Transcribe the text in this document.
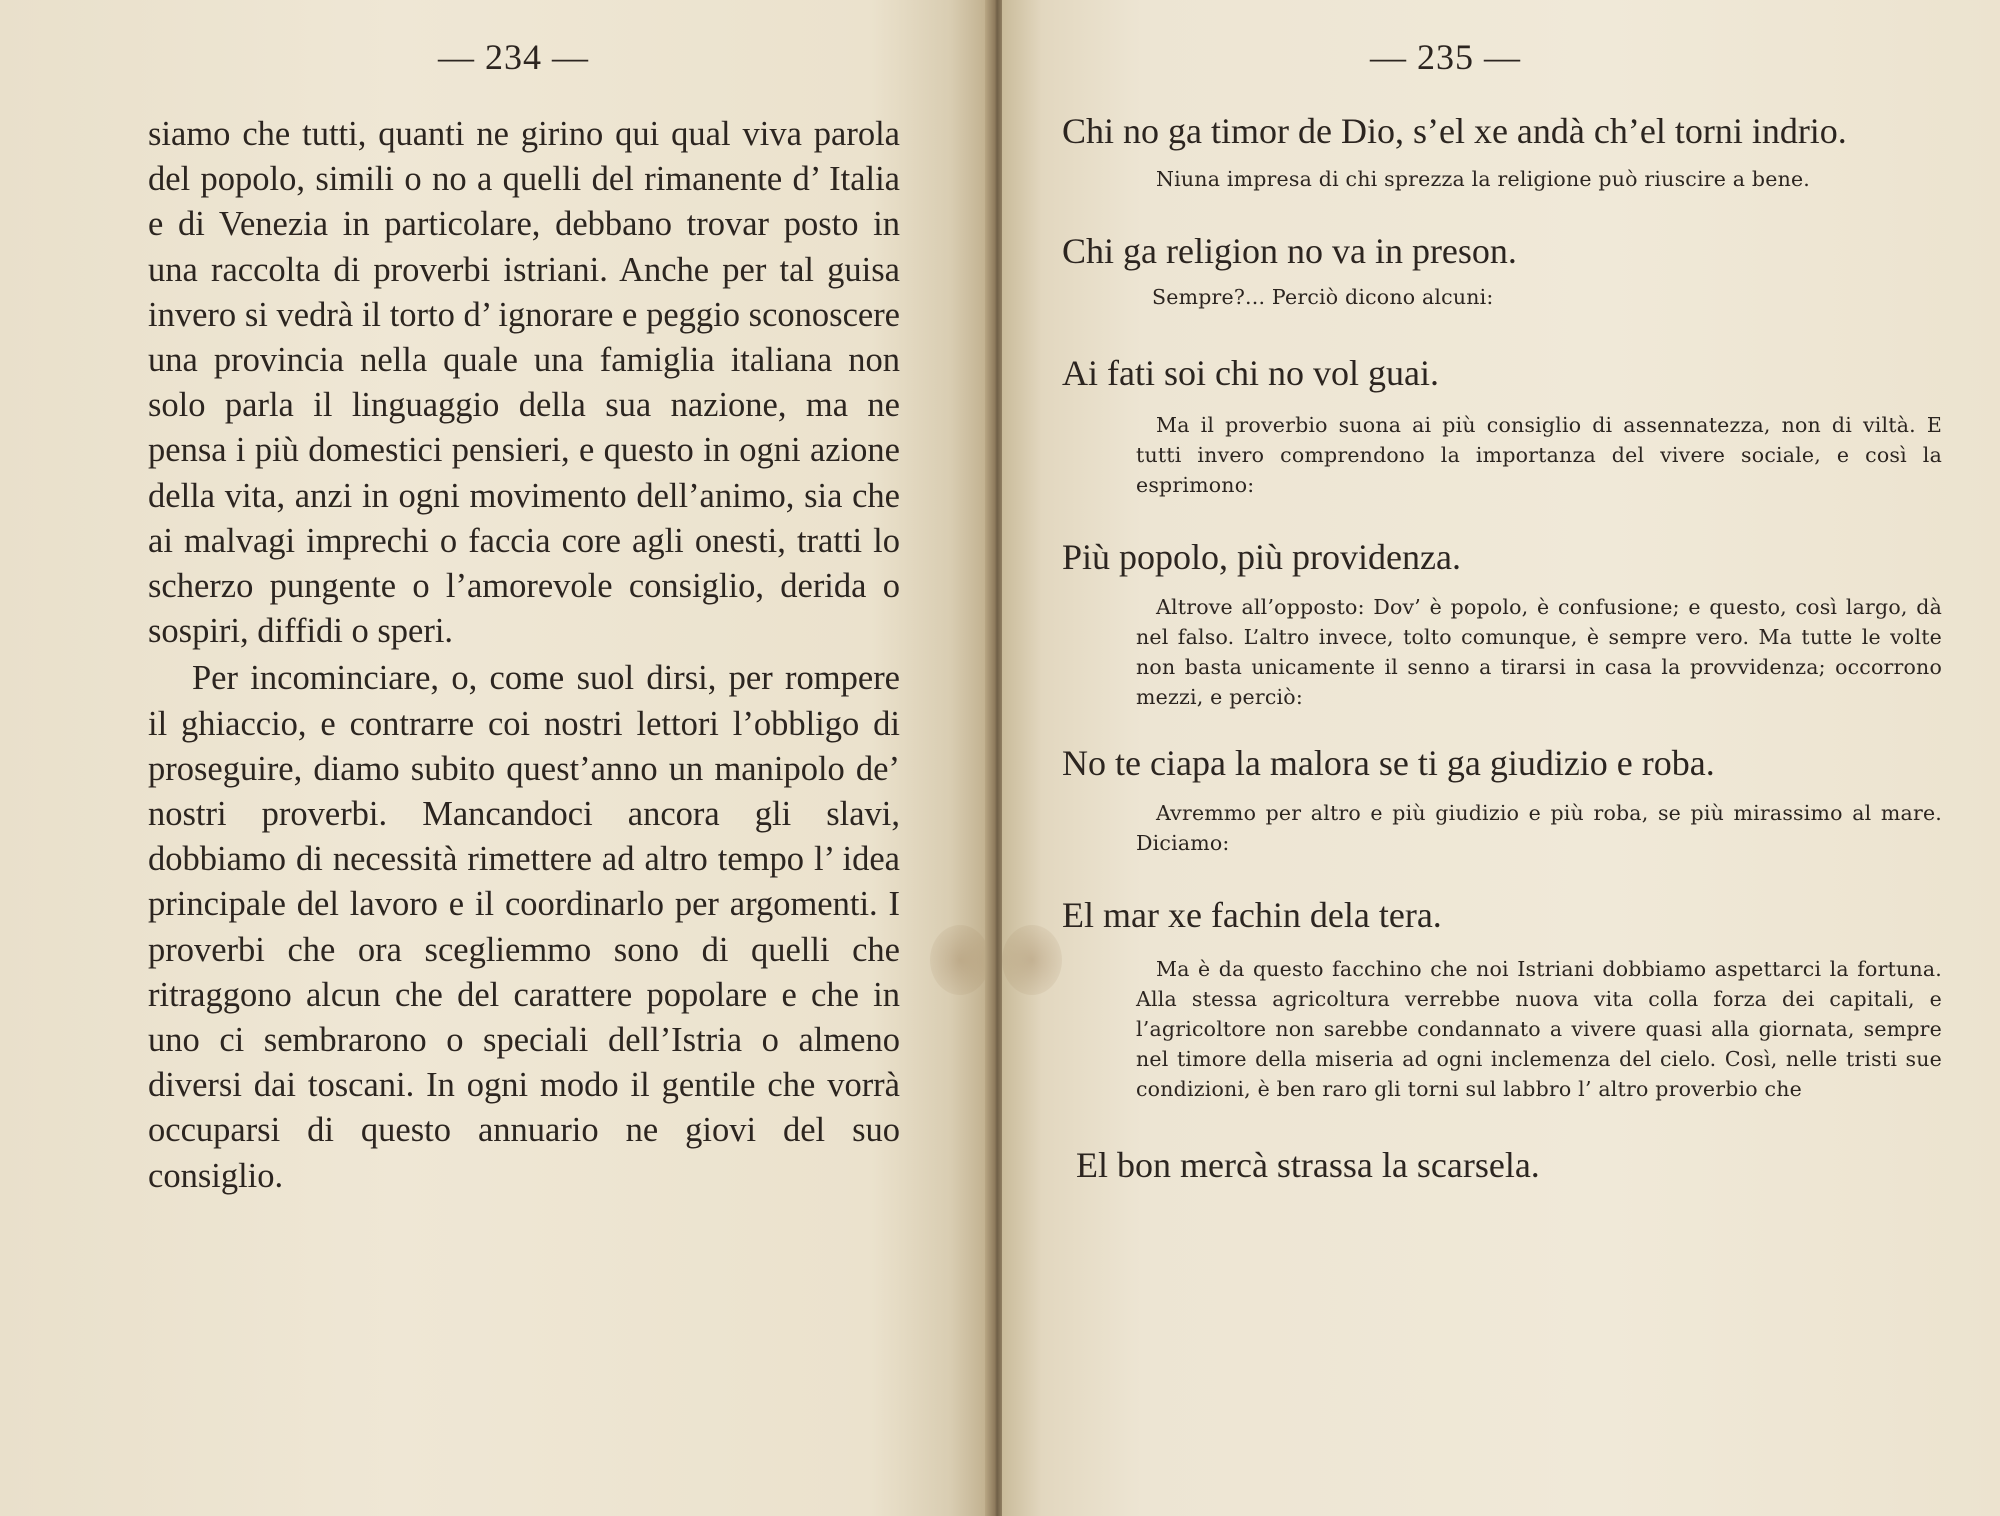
— 234 —

siamo che tutti, quanti ne girino qui qual viva parola del popolo, simili o no a quelli del rimanente d’ Italia e di Venezia in particolare, debbano trovar posto in una raccolta di proverbi istriani. Anche per tal guisa invero si vedrà il torto d’ ignorare e peggio sconoscere una provincia nella quale una famiglia italiana non solo parla il linguaggio della sua nazione, ma ne pensa i più domestici pensieri, e questo in ogni azione della vita, anzi in ogni movimento dell’animo, sia che ai malvagi imprechi o faccia core agli onesti, tratti lo scherzo pungente o l’amorevole consiglio, derida o sospiri, diffidi o speri.

Per incominciare, o, come suol dirsi, per rompere il ghiaccio, e contrarre coi nostri lettori l’obbligo di proseguire, diamo subito quest’anno un manipolo de’ nostri proverbi. Mancandoci ancora gli slavi, dobbiamo di necessità rimettere ad altro tempo l’ idea principale del lavoro e il coordinarlo per argomenti. I proverbi che ora scegliemmo sono di quelli che ritraggono alcun che del carattere popolare e che in uno ci sembrarono o speciali dell’Istria o almeno diversi dai toscani. In ogni modo il gentile che vorrà occuparsi di questo annuario ne giovi del suo consiglio.

— 235 —

Chi no ga timor de Dio, s’el xe andà ch’el torni indrio.

Niuna impresa di chi sprezza la religione può riuscire a bene.

Chi ga religion no va in preson.

Sempre?... Perciò dicono alcuni:

Ai fati soi chi no vol guai.

Ma il proverbio suona ai più consiglio di assennatezza, non di viltà. E tutti invero comprendono la importanza del vivere sociale, e così la esprimono:

Più popolo, più providenza.

Altrove all’opposto: Dov’ è popolo, è confusione; e questo, così largo, dà nel falso. L’altro invece, tolto comunque, è sempre vero. Ma tutte le volte non basta unicamente il senno a tirarsi in casa la provvidenza; occorrono mezzi, e perciò:

No te ciapa la malora se ti ga giudizio e roba.

Avremmo per altro e più giudizio e più roba, se più mirassimo al mare. Diciamo:

El mar xe fachin dela tera.

Ma è da questo facchino che noi Istriani dobbiamo aspettarci la fortuna. Alla stessa agricoltura verrebbe nuova vita colla forza dei capitali, e l’agricoltore non sarebbe condannato a vivere quasi alla giornata, sempre nel timore della miseria ad ogni inclemenza del cielo. Così, nelle tristi sue condizioni, è ben raro gli torni sul labbro l’ altro proverbio che

El bon mercà strassa la scarsela.
